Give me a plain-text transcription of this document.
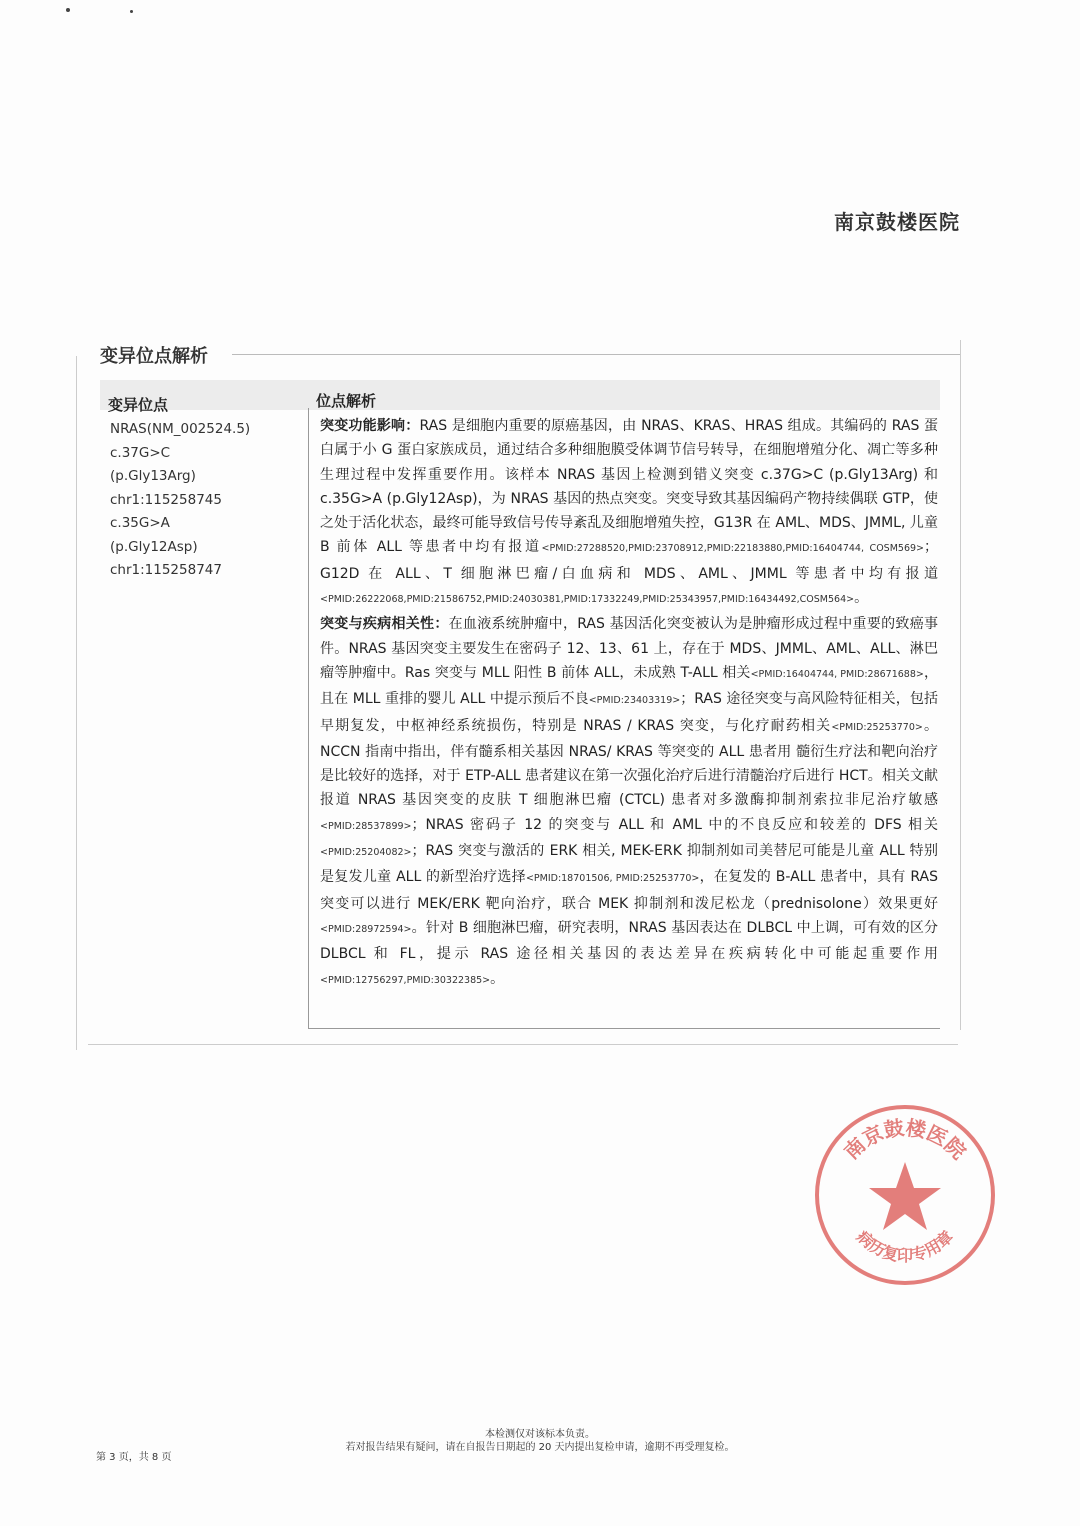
南京鼓楼医院
变异位点解析
变异位点	位点解析
NRAS(NM_002524.5)
c.37G>C
(p.Gly13Arg)
chr1:115258745
c.35G>A
(p.Gly12Asp)
chr1:115258747

突变功能影响：RAS 是细胞内重要的原癌基因，由 NRAS、KRAS、HRAS 组成。其编码的 RAS 蛋白属于小 G 蛋白家族成员，通过结合多种细胞膜受体调节信号转导，在细胞增殖分化、凋亡等多种生理过程中发挥重要作用。该样本 NRAS 基因上检测到错义突变 c.37G>C (p.Gly13Arg) 和 c.35G>A (p.Gly12Asp)，为 NRAS 基因的热点突变。突变导致其基因编码产物持续偶联 GTP，使之处于活化状态，最终可能导致信号传导紊乱及细胞增殖失控，G13R 在 AML、MDS、JMML, 儿童 B 前体 ALL 等患者中均有报道<PMID:27288520,PMID:23708912,PMID:22183880,PMID:16404744, COSM569>；G12D 在 ALL、T 细胞淋巴瘤/白血病和 MDS、AML、JMML 等患者中均有报道<PMID:26222068,PMID:21586752,PMID:24030381,PMID:17332249,PMID:25343957,PMID:16434492,COSM564>。

突变与疾病相关性：在血液系统肿瘤中，RAS 基因活化突变被认为是肿瘤形成过程中重要的致癌事件。NRAS 基因突变主要发生在密码子 12、13、61 上，存在于 MDS、JMML、AML、ALL、淋巴瘤等肿瘤中。Ras 突变与 MLL 阳性 B 前体 ALL，未成熟 T-ALL 相关<PMID:16404744, PMID:28671688>，且在 MLL 重排的婴儿 ALL 中提示预后不良<PMID:23403319>；RAS 途径突变与高风险特征相关，包括早期复发，中枢神经系统损伤，特别是 NRAS / KRAS 突变，与化疗耐药相关<PMID:25253770>。NCCN 指南中指出，伴有髓系相关基因 NRAS/ KRAS 等突变的 ALL 患者用 髓衍生疗法和靶向治疗是比较好的选择，对于 ETP-ALL 患者建议在第一次强化治疗后进行清髓治疗后进行 HCT。相关文献报道 NRAS 基因突变的皮肤 T 细胞淋巴瘤 (CTCL) 患者对多激酶抑制剂索拉非尼治疗敏感<PMID:28537899>；NRAS 密码子 12 的突变与 ALL 和 AML 中的不良反应和较差的 DFS 相关<PMID:25204082>；RAS 突变与激活的 ERK 相关, MEK-ERK 抑制剂如司美替尼可能是儿童 ALL 特别是复发儿童 ALL 的新型治疗选择<PMID:18701506, PMID:25253770>，在复发的 B-ALL 患者中，具有 RAS 突变可以进行 MEK/ERK 靶向治疗，联合 MEK 抑制剂和泼尼松龙（prednisolone）效果更好<PMID:28972594>。针对 B 细胞淋巴瘤，研究表明，NRAS 基因表达在 DLBCL 中上调，可有效的区分 DLBCL 和 FL，提示 RAS 途径相关基因的表达差异在疾病转化中可能起重要作用<PMID:12756297,PMID:30322385>。

南京鼓楼医院
病历复印专用章
第 3 页，共 8 页
本检测仅对该标本负责。
若对报告结果有疑问，请在自报告日期起的 20 天内提出复检申请，逾期不再受理复检。
